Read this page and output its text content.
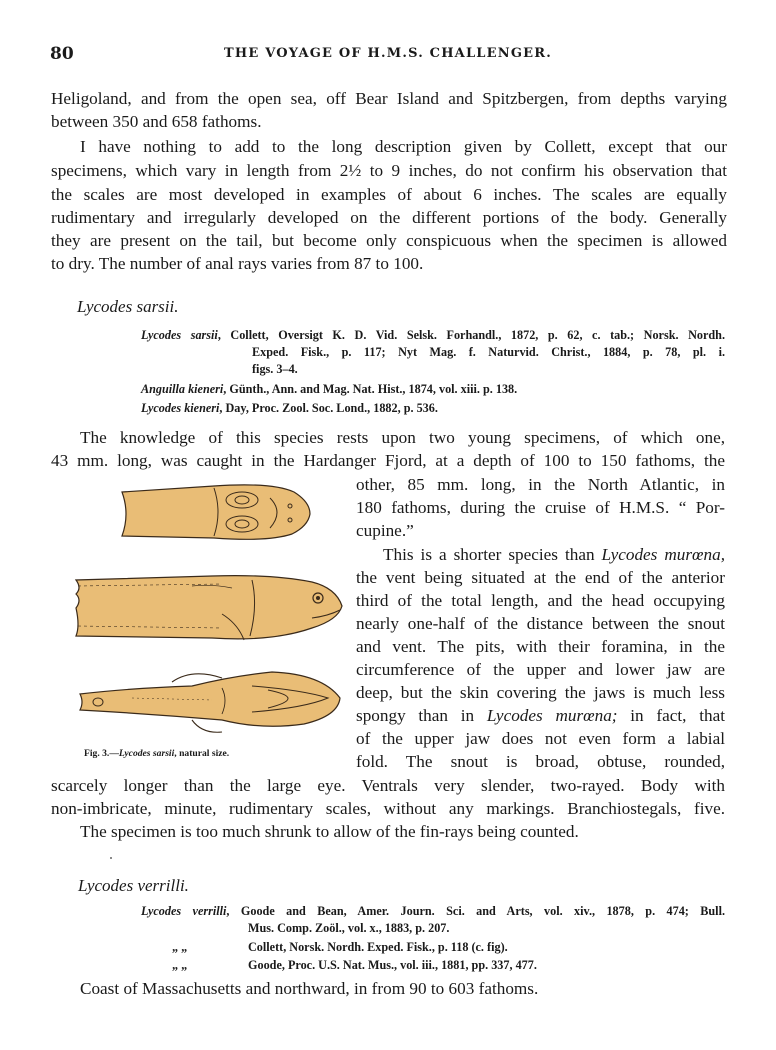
80	THE VOYAGE OF H.M.S. CHALLENGER.
Heligoland, and from the open sea, off Bear Island and Spitzbergen, from depths varying
between 350 and 658 fathoms.
I have nothing to add to the long description given by Collett, except that our
specimens, which vary in length from 2½ to 9 inches, do not confirm his observation that
the scales are most developed in examples of about 6 inches. The scales are equally
rudimentary and irregularly developed on the different portions of the body. Generally
they are present on the tail, but become only conspicuous when the specimen is allowed
to dry. The number of anal rays varies from 87 to 100.
Lycodes sarsii.
Lycodes sarsii, Collett, Oversigt K. D. Vid. Selsk. Forhandl., 1872, p. 62, c. tab.; Norsk. Nordh.
Exped. Fisk., p. 117; Nyt Mag. f. Naturvid. Christ., 1884, p. 78, pl. i.
figs. 3–4.
Anguilla kieneri, Günth., Ann. and Mag. Nat. Hist., 1874, vol. xiii. p. 138.
Lycodes kieneri, Day, Proc. Zool. Soc. Lond., 1882, p. 536.
The knowledge of this species rests upon two young specimens, of which one,
43 mm. long, was caught in the Hardanger Fjord, at a depth of 100 to 150 fathoms, the
other, 85 mm. long, in the North Atlantic, in
180 fathoms, during the cruise of H.M.S. “ Por-
cupine.”
This is a shorter species than Lycodes murœna,
the vent being situated at the end of the anterior
third of the total length, and the head occupying
nearly one-half of the distance between the snout
and vent. The pits, with their foramina, in the
circumference of the upper and lower jaw are
deep, but the skin covering the jaws is much less
spongy than in Lycodes murœna; in fact, that
of the upper jaw does not even form a labial
fold. The snout is broad, obtuse, rounded,
scarcely longer than the large eye. Ventrals very slender, two-rayed. Body with
non-imbricate, minute, rudimentary scales, without any markings. Branchiostegals, five.
The specimen is too much shrunk to allow of the fin-rays being counted.
Fig. 3.—Lycodes sarsii, natural size.
Lycodes verrilli.
Lycodes verrilli, Goode and Bean, Amer. Journ. Sci. and Arts, vol. xiv., 1878, p. 474; Bull.
Mus. Comp. Zoöl., vol. x., 1883, p. 207.
„ „	Collett, Norsk. Nordh. Exped. Fisk., p. 118 (c. fig).
„ „	Goode, Proc. U.S. Nat. Mus., vol. iii., 1881, pp. 337, 477.
Coast of Massachusetts and northward, in from 90 to 603 fathoms.
